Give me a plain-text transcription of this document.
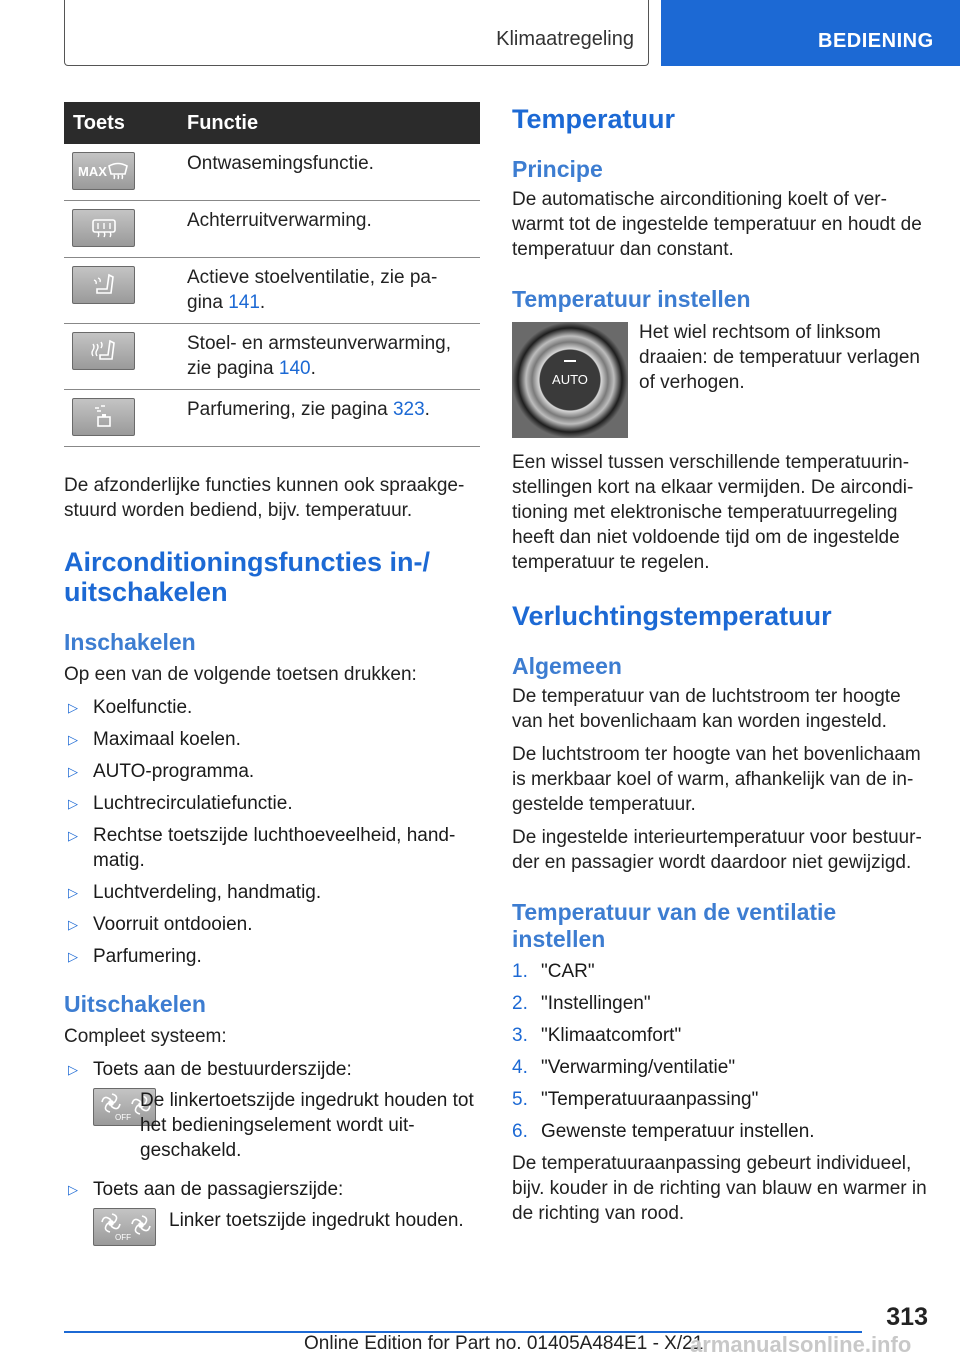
Klimaatregeling	BEDIENING
Toets	Functie

MAX	Ontwasemingsfunctie.

	Achterruitverwarming.

	Actieve stoelventilatie, zie pa-gina 141.

	Stoel- en armsteunverwarming, zie pagina 140.

	Parfumering, zie pagina 323.

De afzonderlijke functies kunnen ook spraakge-stuurd worden bediend, bijv. temperatuur.

Airconditioningsfuncties in-/ uitschakelen
Inschakelen

Op een van de volgende toetsen drukken:

▷ Koelfunctie.
▷ Maximaal koelen.
▷ AUTO-programma.
▷ Luchtrecirculatiefunctie.
▷ Rechtse toetszijde luchthoeveelheid, hand-matig.
▷ Luchtverdeling, handmatig.
▷ Voorruit ontdooien.
▷ Parfumering.
Uitschakelen

Compleet systeem:

▷ Toets aan de bestuurderszijde:
OFF
De linkertoetszijde ingedrukt houden tot het bedieningselement wordt uit-geschakeld.
▷ Toets aan de passagierszijde:
OFF
Linker toetszijde ingedrukt houden.
Temperatuur
Principe

De automatische airconditioning koelt of ver-warmt tot de ingestelde temperatuur en houdt de temperatuur dan constant.

Temperatuur instellen
AUTO

Het wiel rechtsom of linksom draaien: de temperatuur verlagen of verhogen.

Een wissel tussen verschillende temperatuurin-stellingen kort na elkaar vermijden. De aircondi-tioning met elektronische temperatuurregeling heeft dan niet voldoende tijd om de ingestelde temperatuur te regelen.

Verluchtingstemperatuur
Algemeen

De temperatuur van de luchtstroom ter hoogte van het bovenlichaam kan worden ingesteld.

De luchtstroom ter hoogte van het bovenlichaam is merkbaar koel of warm, afhankelijk van de in-gestelde temperatuur.

De ingestelde interieurtemperatuur voor bestuur-der en passagier wordt daardoor niet gewijzigd.

Temperatuur van de ventilatie instellen
1. "CAR"
2. "Instellingen"
3. "Klimaatcomfort"
4. "Verwarming/ventilatie"
5. "Temperatuuraanpassing"
6. Gewenste temperatuur instellen.

De temperatuuraanpassing gebeurt individueel, bijv. kouder in de richting van blauw en warmer in de richting van rood.

313
Online Edition for Part no. 01405A484E1 - X/21
armanualsonline.info
